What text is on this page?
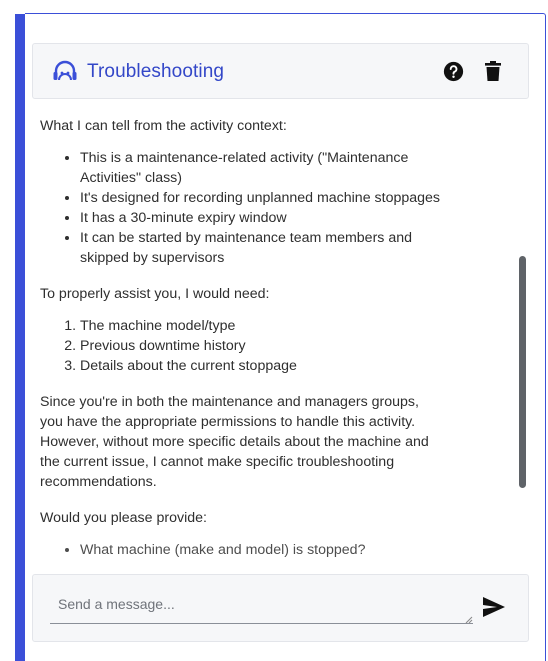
Troubleshooting

What I can tell from the activity context:

• This is a maintenance-related activity ("Maintenance Activities" class)
• It's designed for recording unplanned machine stoppages
• It has a 30-minute expiry window
• It can be started by maintenance team members and skipped by supervisors

To properly assist you, I would need:

1. The machine model/type
2. Previous downtime history
3. Details about the current stoppage

Since you're in both the maintenance and managers groups, you have the appropriate permissions to handle this activity. However, without more specific details about the machine and the current issue, I cannot make specific troubleshooting recommendations.

Would you please provide:

• What machine (make and model) is stopped?
Send a message...
